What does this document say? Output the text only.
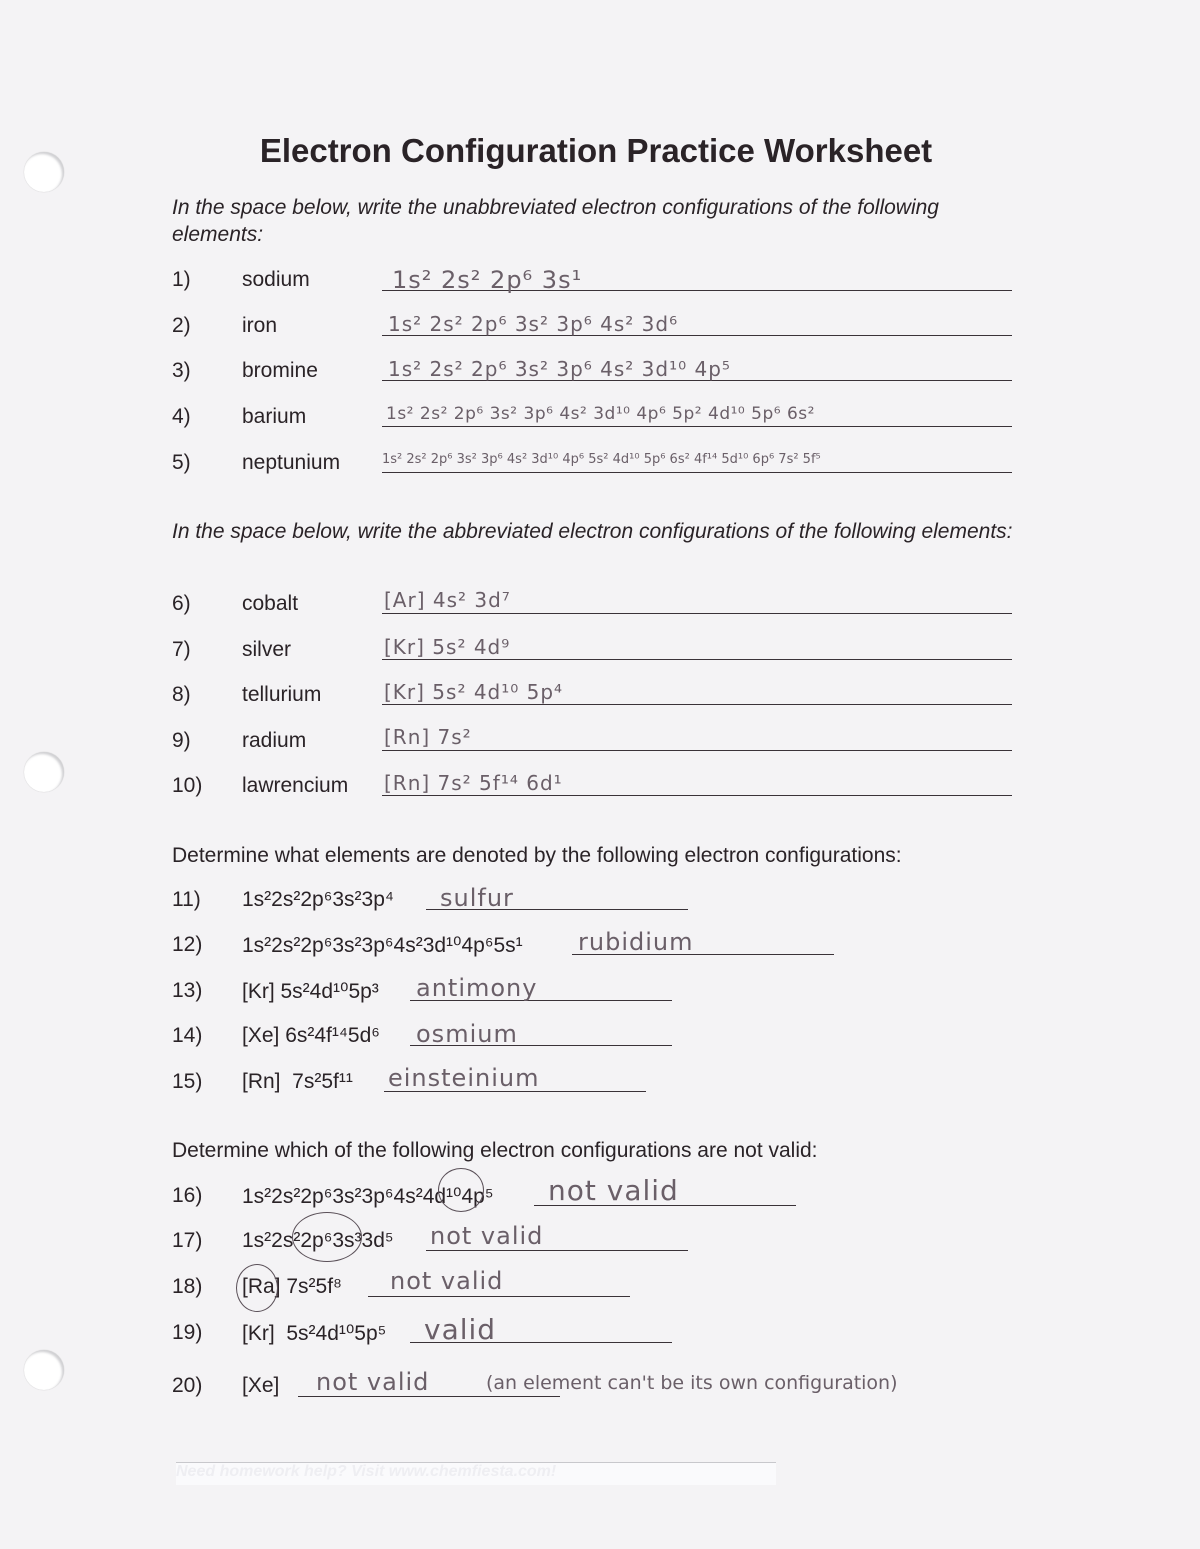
Electron Configuration Practice Worksheet
In the space below, write the unabbreviated electron configurations of the following elements:
1) sodium	1s² 2s² 2p⁶ 3s¹
2) iron	1s² 2s² 2p⁶ 3s² 3p⁶ 4s² 3d⁶
3) bromine	1s² 2s² 2p⁶ 3s² 3p⁶ 4s² 3d¹⁰ 4p⁵
4) barium	1s² 2s² 2p⁶ 3s² 3p⁶ 4s² 3d¹⁰ 4p⁶ 5p² 4d¹⁰ 5p⁶ 6s²
5) neptunium	1s² 2s² 2p⁶ 3s² 3p⁶ 4s² 3d¹⁰ 4p⁶ 5s² 4d¹⁰ 5p⁶ 6s² 4f¹⁴ 5d¹⁰ 6p⁶ 7s² 5f⁵
In the space below, write the abbreviated electron configurations of the following elements:
6) cobalt	[Ar] 4s² 3d⁷
7) silver	[Kr] 5s² 4d⁹
8) tellurium	[Kr] 5s² 4d¹⁰ 5p⁴
9) radium	[Rn] 7s²
10) lawrencium [Rn] 7s² 5f¹⁴ 6d¹
Determine what elements are denoted by the following electron configurations:
11) 1s²2s²2p⁶3s²3p⁴ sulfur
12) 1s²2s²2p⁶3s²3p⁶4s²3d¹⁰4p⁶5s¹ rubidium
13) [Kr] 5s²4d¹⁰5p³ antimony
14) [Xe] 6s²4f¹⁴5d⁶ osmium
15) [Rn]  7s²5f¹¹ einsteinium
Determine which of the following electron configurations are not valid:
16) 1s²2s²2p⁶3s²3p⁶4s²4d¹⁰4p⁵ not valid
17) 1s²2s²2p⁶3s³3d⁵ not valid
18) [Ra] 7s²5f⁸ not valid
19) [Kr]  5s²4d¹⁰5p⁵ valid
20) [Xe] not valid	(an element can't be its own configuration)
Need homework help? Visit www.chemfiesta.com!
